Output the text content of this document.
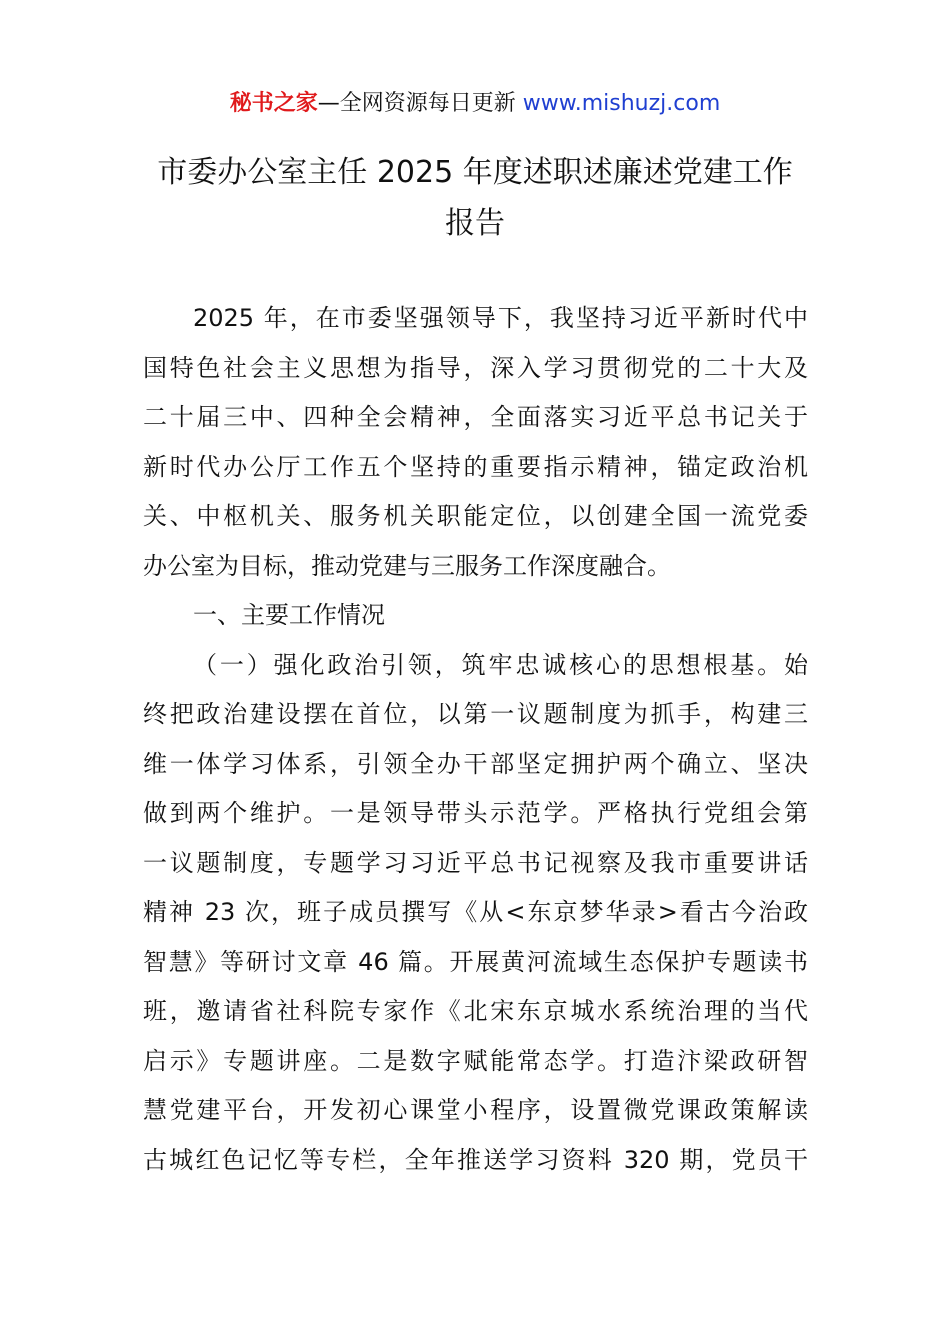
秘书之家—全网资源每日更新 www.mishuzj.com
市委办公室主任 2025 年度述职述廉述党建工作
报告
2025 年，在市委坚强领导下，我坚持习近平新时代中
国特色社会主义思想为指导，深入学习贯彻党的二十大及
二十届三中、四种全会精神，全面落实习近平总书记关于
新时代办公厅工作五个坚持的重要指示精神，锚定政治机
关、中枢机关、服务机关职能定位，以创建全国一流党委
办公室为目标，推动党建与三服务工作深度融合。
一、主要工作情况
（一）强化政治引领，筑牢忠诚核心的思想根基。始
终把政治建设摆在首位，以第一议题制度为抓手，构建三
维一体学习体系，引领全办干部坚定拥护两个确立、坚决
做到两个维护。一是领导带头示范学。严格执行党组会第
一议题制度，专题学习习近平总书记视察及我市重要讲话
精神 23 次，班子成员撰写《从<东京梦华录>看古今治政
智慧》等研讨文章 46 篇。开展黄河流域生态保护专题读书
班，邀请省社科院专家作《北宋东京城水系统治理的当代
启示》专题讲座。二是数字赋能常态学。打造汴梁政研智
慧党建平台，开发初心课堂小程序，设置微党课政策解读
古城红色记忆等专栏，全年推送学习资料 320 期，党员干
